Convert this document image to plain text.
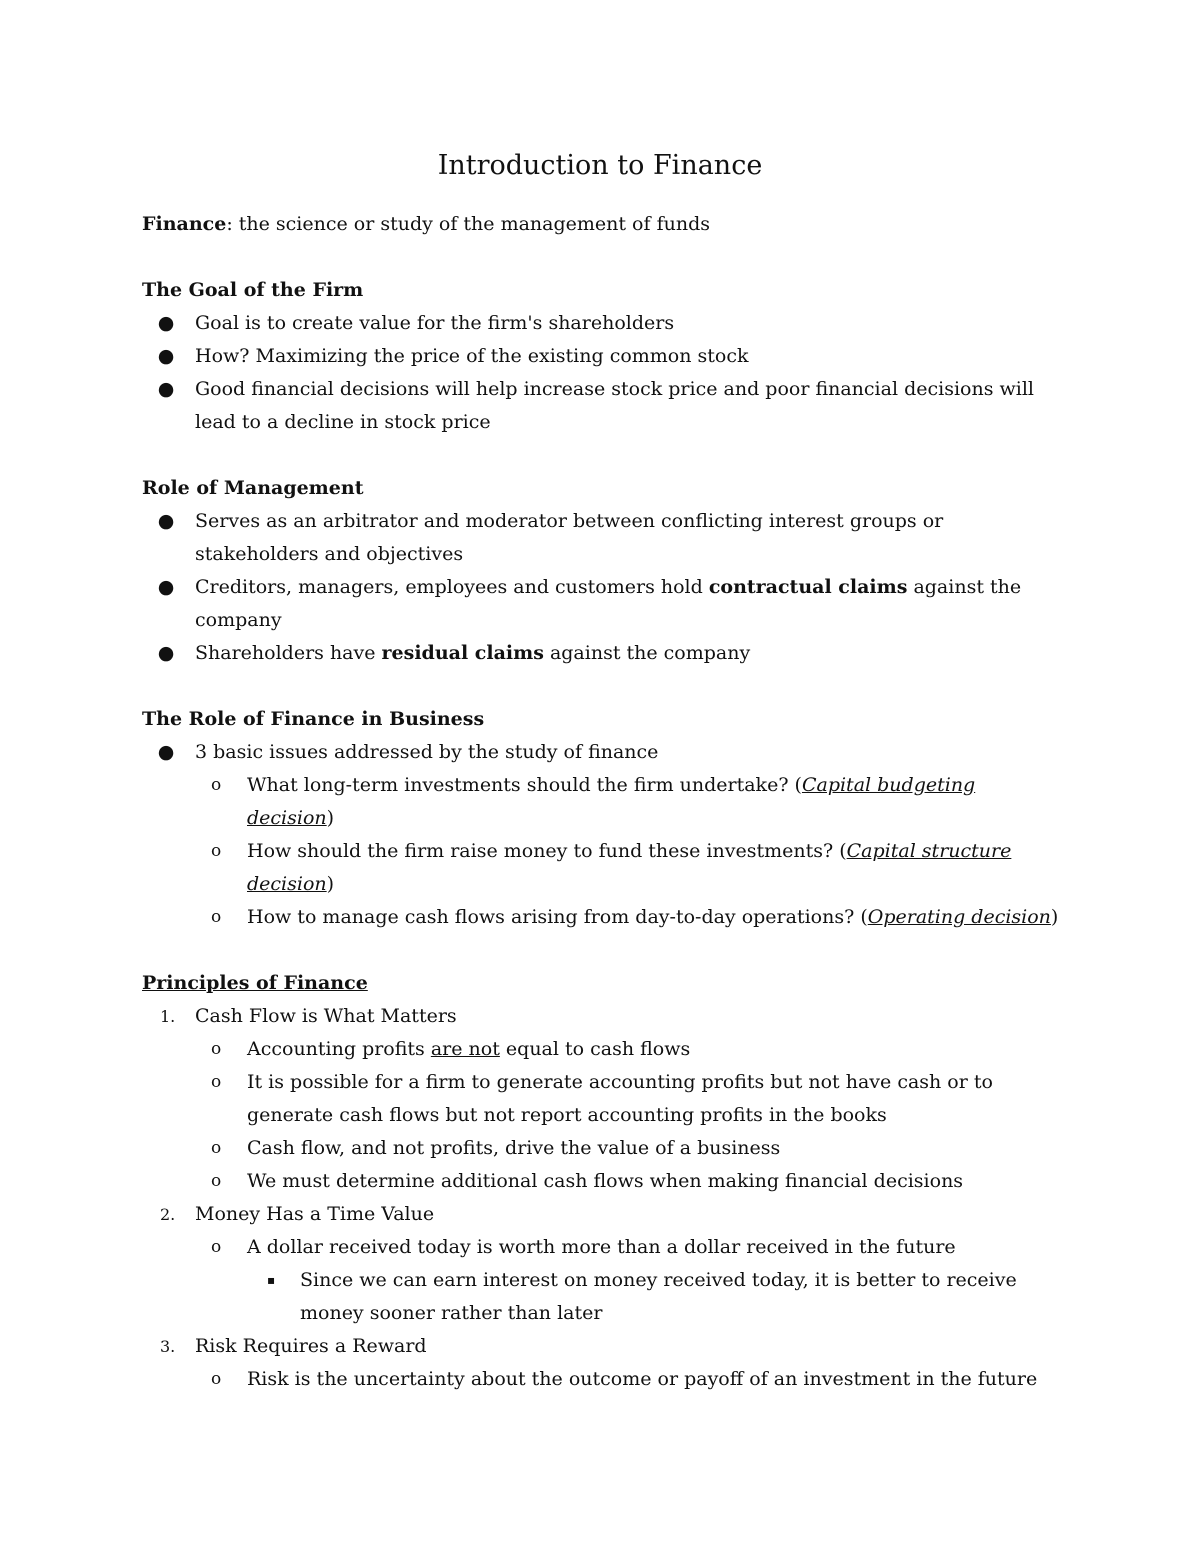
Introduction to Finance

Finance: the science or study of the management of funds

The Goal of the Firm

● Goal is to create value for the firm's shareholders

● How? Maximizing the price of the existing common stock

● Good financial decisions will help increase stock price and poor financial decisions will lead to a decline in stock price

Role of Management

● Serves as an arbitrator and moderator between conflicting interest groups or stakeholders and objectives

● Creditors, managers, employees and customers hold contractual claims against the company

● Shareholders have residual claims against the company

The Role of Finance in Business

● 3 basic issues addressed by the study of finance

o What long-term investments should the firm undertake? (Capital budgeting decision)

o How should the firm raise money to fund these investments? (Capital structure decision)

o How to manage cash flows arising from day-to-day operations? (Operating decision)

Principles of Finance

1.	Cash Flow is What Matters

o Accounting profits are not equal to cash flows

o It is possible for a firm to generate accounting profits but not have cash or to generate cash flows but not report accounting profits in the books

o Cash flow, and not profits, drive the value of a business

o We must determine additional cash flows when making financial decisions

2.	Money Has a Time Value

o A dollar received today is worth more than a dollar received in the future

▪ Since we can earn interest on money received today, it is better to receive money sooner rather than later

3.	Risk Requires a Reward

o Risk is the uncertainty about the outcome or payoff of an investment in the future
